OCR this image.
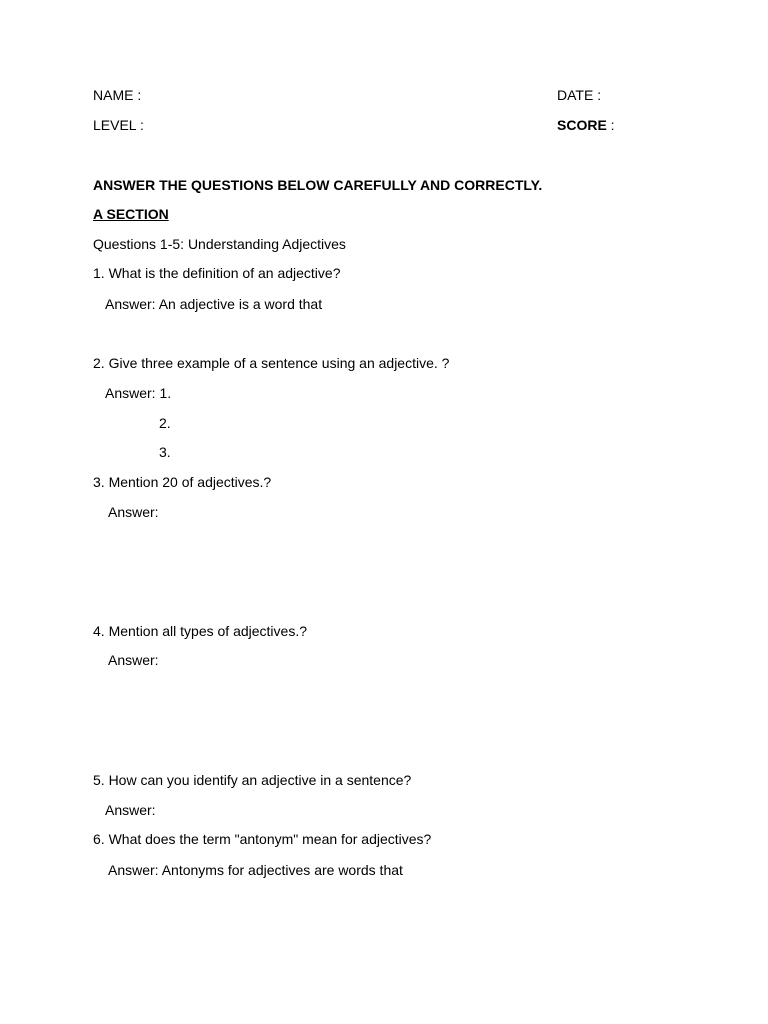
NAME :	DATE :
LEVEL :	SCORE :
ANSWER THE QUESTIONS BELOW CAREFULLY AND CORRECTLY.
A SECTION
Questions 1-5: Understanding Adjectives
1. What is the definition of an adjective?
Answer: An adjective is a word that
2. Give three example of a sentence using an adjective. ?
Answer: 1.
2.
3.
3. Mention 20 of adjectives.?
Answer:
4. Mention all types of adjectives.?
Answer:
5. How can you identify an adjective in a sentence?
Answer:
6. What does the term "antonym" mean for adjectives?
Answer: Antonyms for adjectives are words that
